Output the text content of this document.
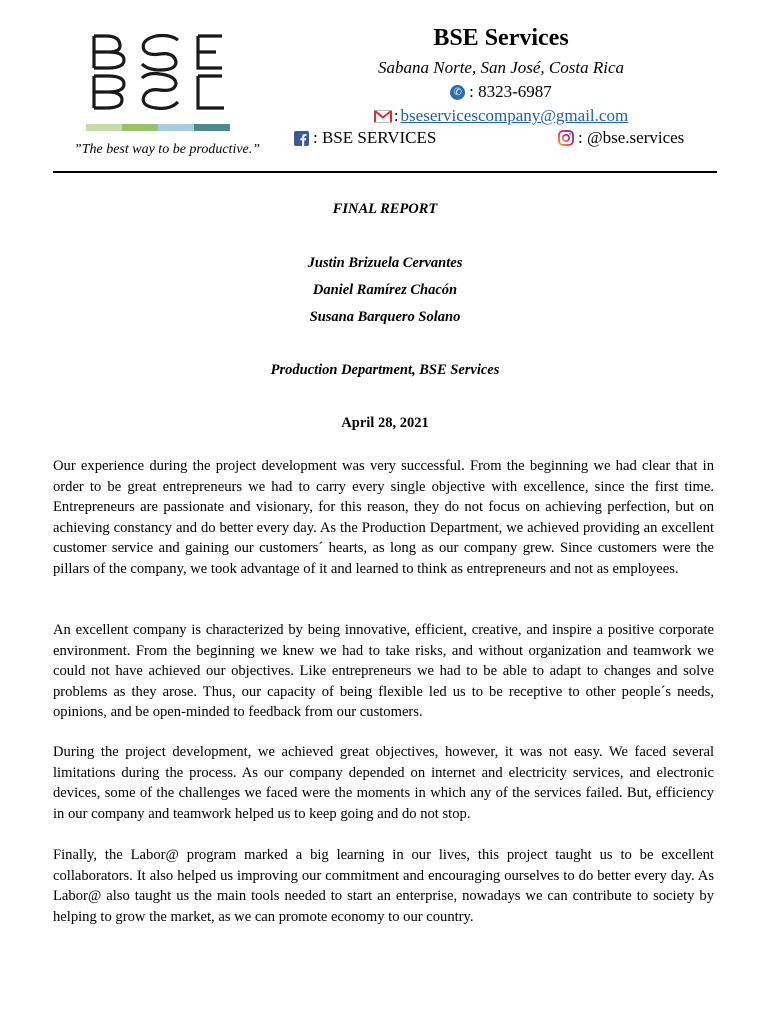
”The best way to be productive.”
BSE Services
Sabana Norte, San José, Costa Rica
✆ : 8323-6987
: bseservicescompany@gmail.com
: BSE SERVICES	: @bse.services
FINAL REPORT
Justin Brizuela Cervantes
Daniel Ramírez Chacón
Susana Barquero Solano
Production Department, BSE Services
April 28, 2021

Our experience during the project development was very successful. From the beginning we had clear that in order to be great entrepreneurs we had to carry every single objective with excellence, since the first time. Entrepreneurs are passionate and visionary, for this reason, they do not focus on achieving perfection, but on achieving constancy and do better every day. As the Production Department, we achieved providing an excellent customer service and gaining our customers´ hearts, as long as our company grew. Since customers were the pillars of the company, we took advantage of it and learned to think as entrepreneurs and not as employees.

An excellent company is characterized by being innovative, efficient, creative, and inspire a positive corporate environment. From the beginning we knew we had to take risks, and without organization and teamwork we could not have achieved our objectives. Like entrepreneurs we had to be able to adapt to changes and solve problems as they arose. Thus, our capacity of being flexible led us to be receptive to other people´s needs, opinions, and be open-minded to feedback from our customers.

During the project development, we achieved great objectives, however, it was not easy. We faced several limitations during the process. As our company depended on internet and electricity services, and electronic devices, some of the challenges we faced were the moments in which any of the services failed. But, efficiency in our company and teamwork helped us to keep going and do not stop.

Finally, the Labor@ program marked a big learning in our lives, this project taught us to be excellent collaborators. It also helped us improving our commitment and encouraging ourselves to do better every day. As Labor@ also taught us the main tools needed to start an enterprise, nowadays we can contribute to society by helping to grow the market, as we can promote economy to our country.
